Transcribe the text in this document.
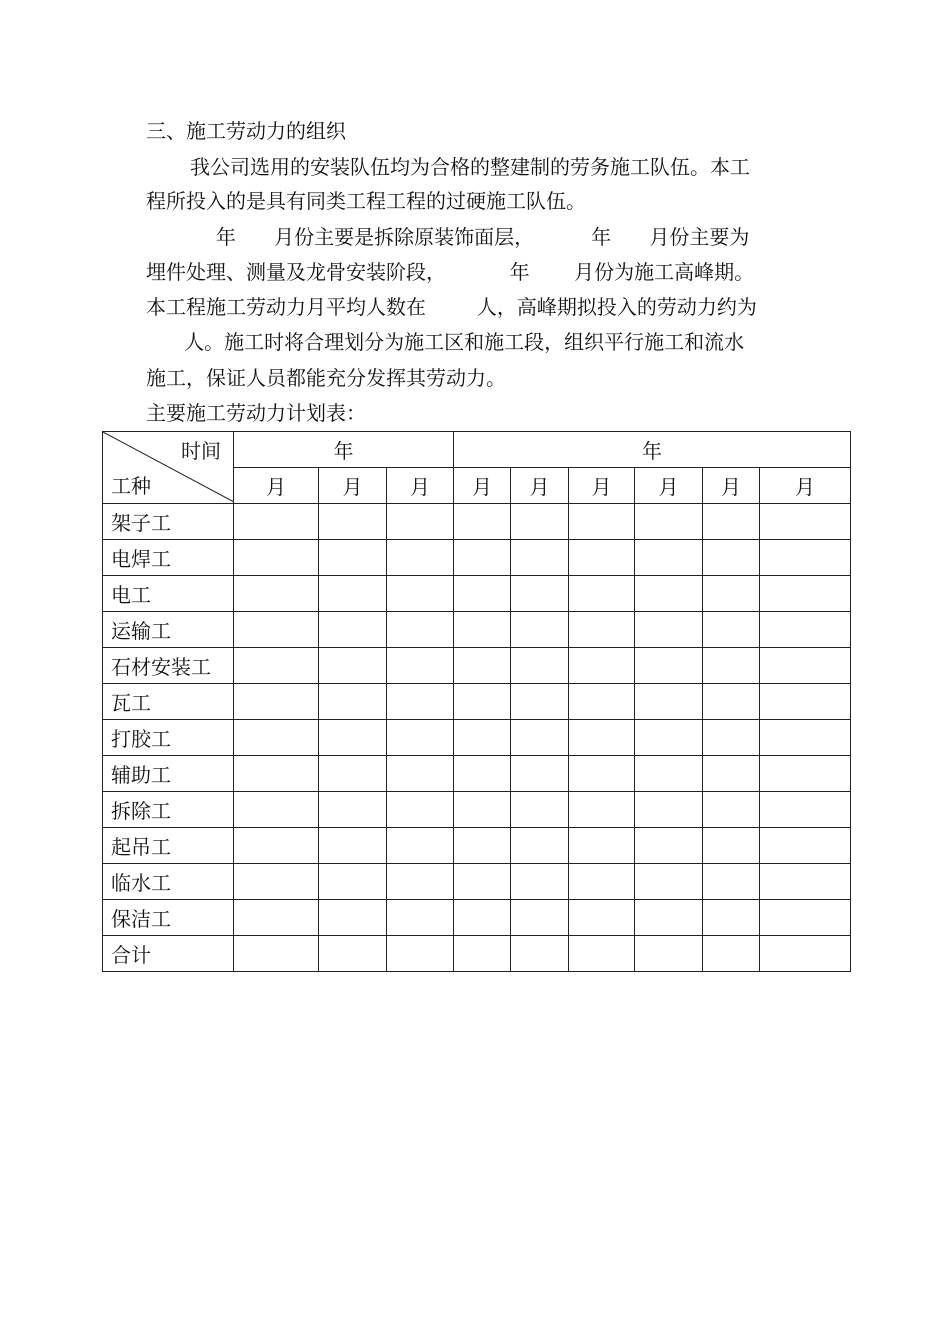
三、施工劳动力的组织
我公司选用的安装队伍均为合格的整建制的劳务施工队伍。本工
程所投入的是具有同类工程工程的过硬施工队伍。
年      月份主要是拆除原装饰面层，         年      月份主要为
埋件处理、测量及龙骨安装阶段，          年       月份为施工高峰期。
本工程施工劳动力月平均人数在        人，高峰期拟投入的劳动力约为
人。施工时将合理划分为施工区和施工段，组织平行施工和流水
施工，保证人员都能充分发挥其劳动力。
主要施工劳动力计划表：
时间
工种	年			年					
	月	月	月	月	月	月	月	月	月
架子工									
电焊工									
电工									
运输工									
石材安装工									
瓦工									
打胶工									
辅助工									
拆除工									
起吊工									
临水工									
保洁工									
合计									
